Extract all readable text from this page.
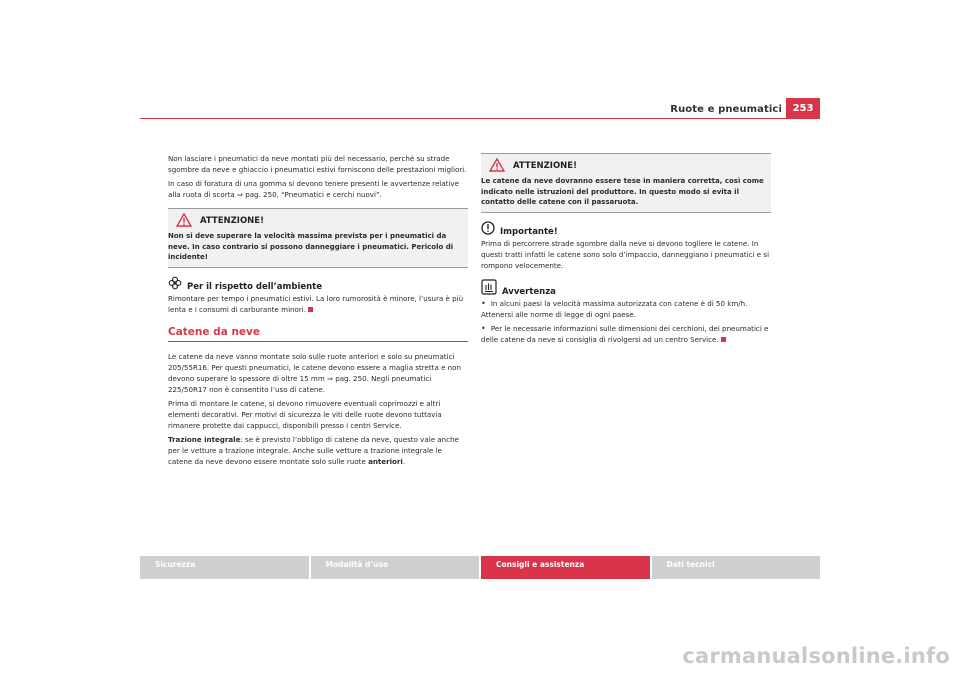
Ruote e pneumatici	253

Non lasciare i pneumatici da neve montati più del necessario, perché su strade sgombre da neve e ghiaccio i pneumatici estivi forniscono delle prestazioni migliori.

In caso di foratura di una gomma si devono tenere presenti le avvertenze relative alla ruota di scorta ⇒ pag. 250, “Pneumatici e cerchi nuovi”.

ATTENZIONE!
Non si deve superare la velocità massima prevista per i pneumatici da neve. In caso contrario si possono danneggiare i pneumatici. Pericolo di incidente!
Per il rispetto dell’ambiente

Rimontare per tempo i pneumatici estivi. La loro rumorosità è minore, l’usura è più lenta e i consumi di carburante minori.

Catene da neve

Le catene da neve vanno montate solo sulle ruote anteriori e solo su pneumatici 205/55R16. Per questi pneumatici, le catene devono essere a maglia stretta e non devono superare lo spessore di oltre 15 mm ⇒ pag. 250. Negli pneumatici 225/50R17 non è consentito l’uso di catene.

Prima di montare le catene, si devono rimuovere eventuali coprimozzi e altri elementi decorativi. Per motivi di sicurezza le viti delle ruote devono tuttavia rimanere protette dai cappucci, disponibili presso i centri Service.

Trazione integrale: se è previsto l’obbligo di catene da neve, questo vale anche per le vetture a trazione integrale. Anche sulle vetture a trazione integrale le catene da neve devono essere montate solo sulle ruote anteriori.

ATTENZIONE!
Le catene da neve dovranno essere tese in maniera corretta, così come indicato nelle istruzioni del produttore. In questo modo si evita il contatto delle catene con il passaruota.
Importante!

Prima di percorrere strade sgombre dalla neve si devono togliere le catene. In questi tratti infatti le catene sono solo d’impaccio, danneggiano i pneumatici e si rompono velocemente.

Avvertenza

•  In alcuni paesi la velocità massima autorizzata con catene è di 50 km/h. Attenersi alle norme di legge di ogni paese.

•  Per le necessarie informazioni sulle dimensioni dei cerchioni, dei pneumatici e delle catene da neve si consiglia di rivolgersi ad un centro Service.

Sicurezza	Modalità d’uso	Consigli e assistenza	Dati tecnici
carmanualsonline.info
